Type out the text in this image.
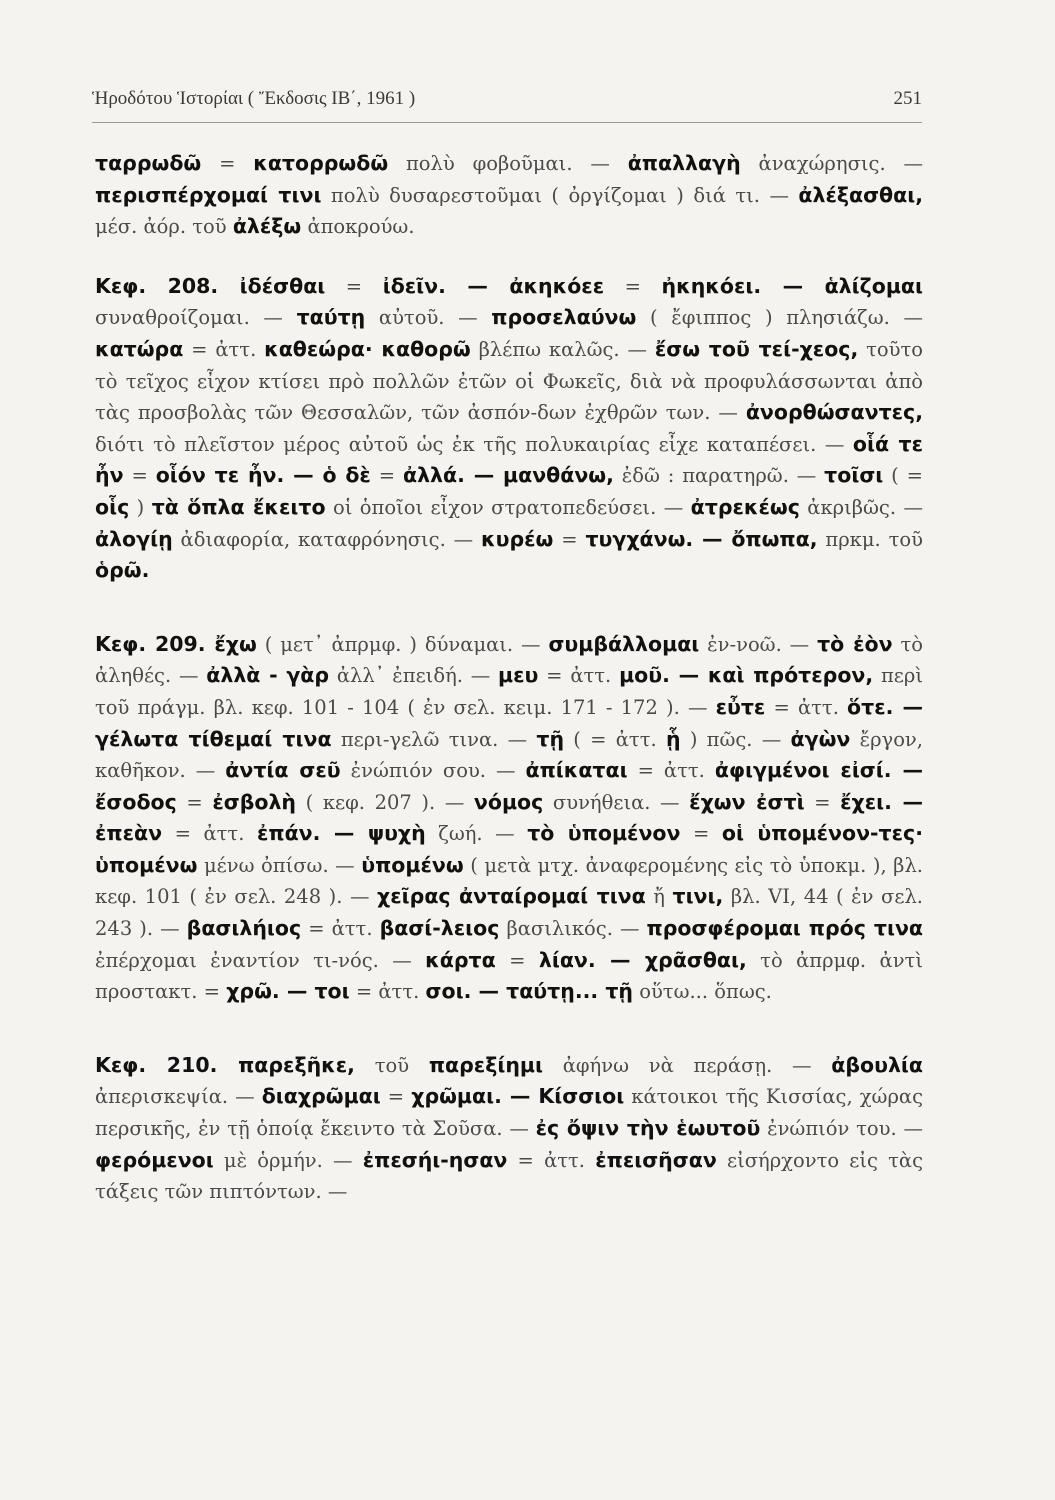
Ἡροδότου Ἱστορίαι ( Ἔκδοσις ΙΒ΄, 1961 )	251

ταρρωδῶ = κατορρωδῶ πολὺ φοβοῦμαι. — ἀπαλλαγὴ ἀναχώρησις. — περισπέρχομαί τινι πολὺ δυσαρεστοῦμαι ( ὀργίζομαι ) διά τι. — ἀλέξασθαι, μέσ. ἀόρ. τοῦ ἀλέξω ἀποκρούω.

Κεφ. 208. ἰδέσθαι = ἰδεῖν. — ἀκηκόεε = ἠκηκόει. — ἁλίζομαι συναθροίζομαι. — ταύτῃ αὐτοῦ. — προσελαύνω ( ἔφιππος ) πλησιάζω. — κατώρα = ἀττ. καθεώρα· καθορῶ βλέπω καλῶς. — ἔσω τοῦ τεί-χεος, τοῦτο τὸ τεῖχος εἶχον κτίσει πρὸ πολλῶν ἐτῶν οἱ Φωκεῖς, διὰ νὰ προφυλάσσωνται ἀπὸ τὰς προσβολὰς τῶν Θεσσαλῶν, τῶν ἀσπόν-δων ἐχθρῶν των. — ἀνορθώσαντες, διότι τὸ πλεῖστον μέρος αὐτοῦ ὡς ἐκ τῆς πολυκαιρίας εἶχε καταπέσει. — οἷά τε ἦν = οἷόν τε ἦν. — ὁ δὲ = ἀλλά. — μανθάνω, ἐδῶ : παρατηρῶ. — τοῖσι ( = οἷς ) τὰ ὅπλα ἔκειτο οἱ ὁποῖοι εἶχον στρατοπεδεύσει. — ἀτρεκέως ἀκριβῶς. — ἀλογίῃ ἀδιαφορία, καταφρόνησις. — κυρέω = τυγχάνω. — ὄπωπα, πρκμ. τοῦ ὁρῶ.

Κεφ. 209. ἔχω ( μετ᾽ ἀπρμφ. ) δύναμαι. — συμβάλλομαι ἐν-νοῶ. — τὸ ἐὸν τὸ ἀληθές. — ἀλλὰ - γὰρ ἀλλ᾽ ἐπειδή. — μευ = ἀττ. μοῦ. — καὶ πρότερον, περὶ τοῦ πράγμ. βλ. κεφ. 101 - 104 ( ἐν σελ. κειμ. 171 - 172 ). — εὖτε = ἀττ. ὅτε. — γέλωτα τίθεμαί τινα περι-γελῶ τινα. — τῇ ( = ἀττ. ᾗ ) πῶς. — ἀγὼν ἔργον, καθῆκον. — ἀντία σεῦ ἐνώπιόν σου. — ἀπίκαται = ἀττ. ἀφιγμένοι εἰσί. — ἔσοδος = ἐσβολὴ ( κεφ. 207 ). — νόμος συνήθεια. — ἔχων ἐστὶ = ἔχει. — ἐπεὰν = ἀττ. ἐπάν. — ψυχὴ ζωή. — τὸ ὑπομένον = οἱ ὑπομένον-τες· ὑπομένω μένω ὀπίσω. — ὑπομένω ( μετὰ μτχ. ἀναφερομένης εἰς τὸ ὑποκμ. ), βλ. κεφ. 101 ( ἐν σελ. 248 ). — χεῖρας ἀνταίρομαί τινα ἤ τινι, βλ. VI, 44 ( ἐν σελ. 243 ). — βασιλήιος = ἀττ. βασί-λειος βασιλικός. — προσφέρομαι πρός τινα ἐπέρχομαι ἐναντίον τι-νός. — κάρτα = λίαν. — χρᾶσθαι, τὸ ἀπρμφ. ἀντὶ προστακτ. = χρῶ. — τοι = ἀττ. σοι. — ταύτῃ... τῇ οὕτω... ὅπως.

Κεφ. 210. παρεξῆκε, τοῦ παρεξίημι ἀφήνω νὰ περάσῃ. — ἀβουλία ἀπερισκεψία. — διαχρῶμαι = χρῶμαι. — Κίσσιοι κάτοικοι τῆς Κισσίας, χώρας περσικῆς, ἐν τῇ ὁποίᾳ ἔκειντο τὰ Σοῦσα. — ἐς ὄψιν τὴν ἑωυτοῦ ἐνώπιόν του. — φερόμενοι μὲ ὁρμήν. — ἐπεσήι-ησαν = ἀττ. ἐπεισῆσαν εἰσήρχοντο εἰς τὰς τάξεις τῶν πιπτόντων. —
